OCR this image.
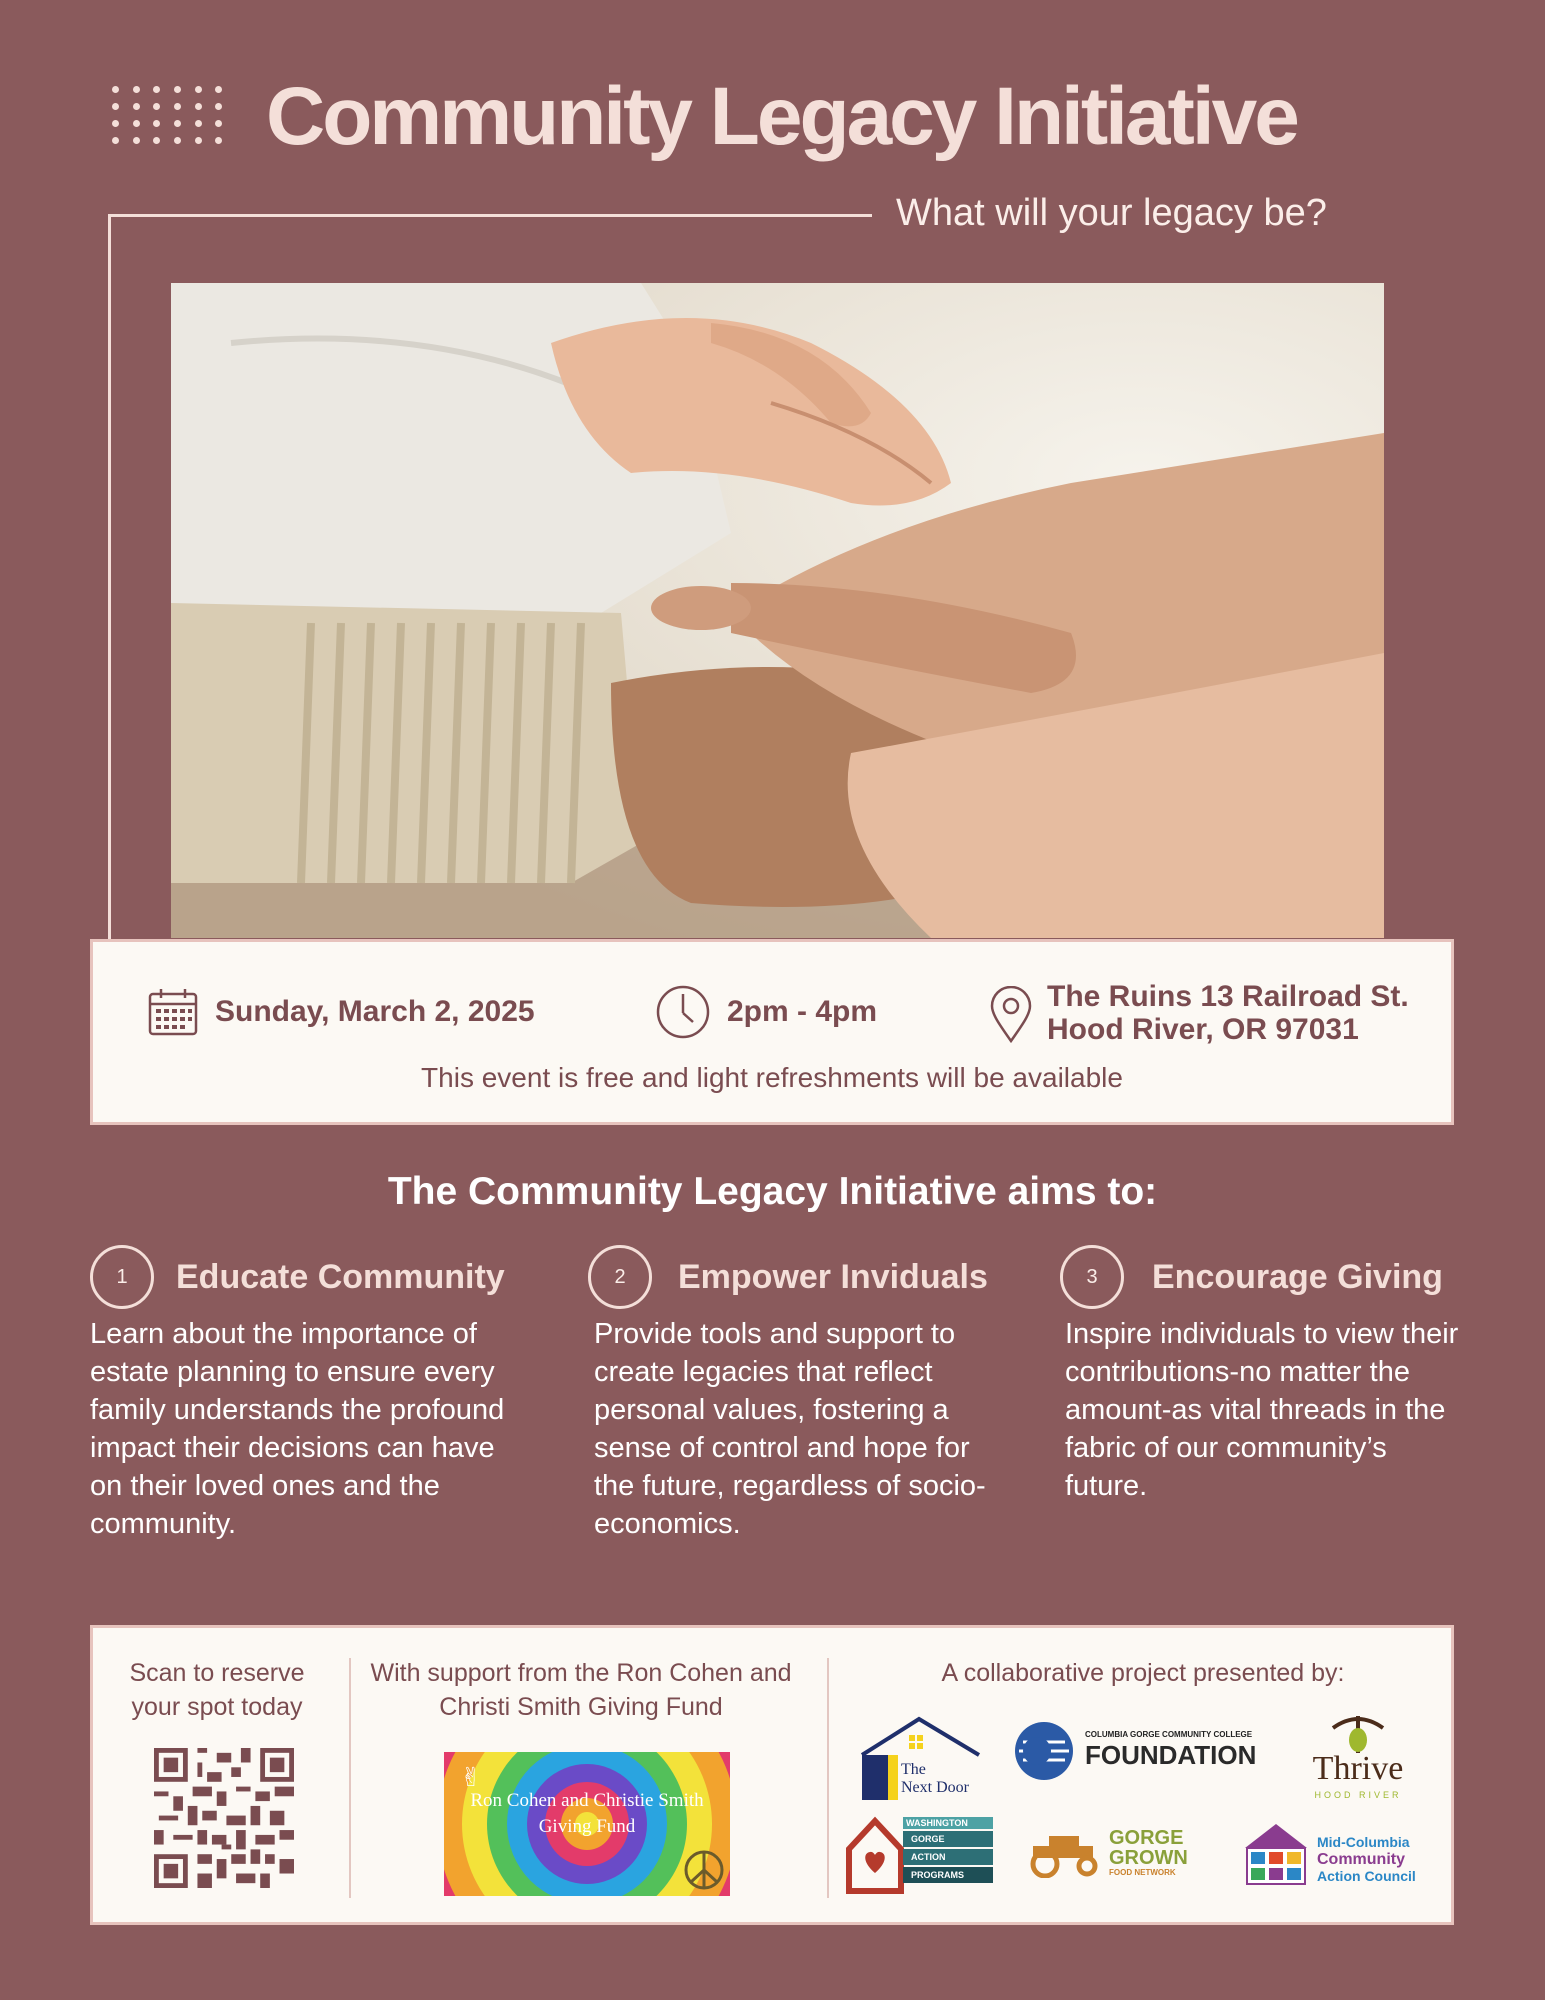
Community Legacy Initiative
What will your legacy be?
Sunday, March 2, 2025	2pm - 4pm	The Ruins 13 Railroad St.
Hood River, OR 97031
This event is free and light refreshments will be available
The Community Legacy Initiative aims to:
1	Educate Community
Learn about the importance of estate planning to ensure every family understands the profound impact their decisions can have on their loved ones and the community.
2	Empower Inviduals
Provide tools and support to create legacies that reflect personal values, fostering a sense of control and hope for the future, regardless of socio-economics.
3	Encourage Giving
Inspire individuals to view their contributions-no matter the amount-as vital threads in the fabric of our community’s future.
Scan to reserve your spot today
With support from the Ron Cohen and Christi Smith Giving Fund
✌
Ron Cohen and Christie Smith Giving Fund
A collaborative project presented by:
The
Next Door
COLUMBIA GORGE COMMUNITY COLLEGE
FOUNDATION	Thrive
HOOD RIVER
WASHINGTON
GORGE
ACTION
PROGRAMS
GORGE
GROWN
FOOD NETWORK
Mid-Columbia
Community
Action Council
